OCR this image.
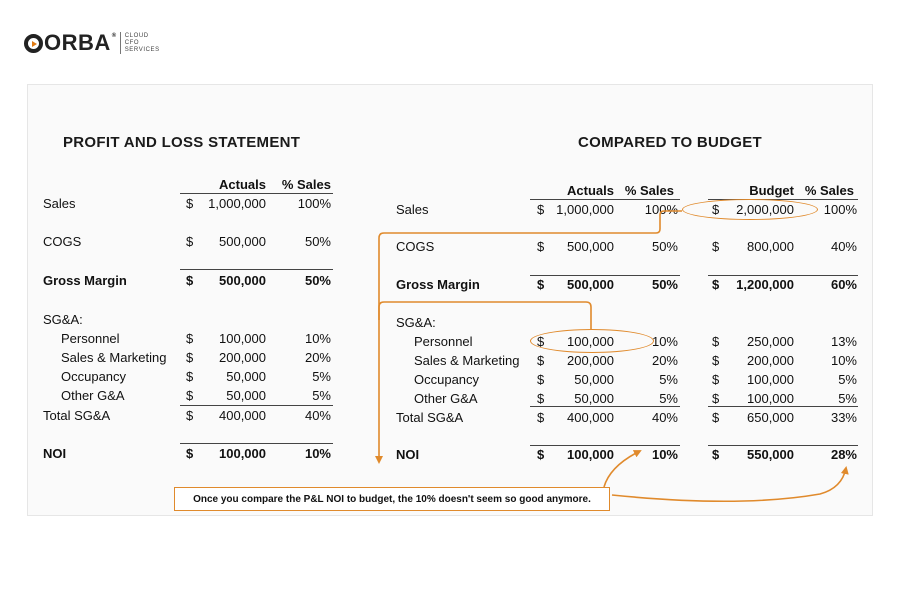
ORBA ® CLOUD
CFO
SERVICES
PROFIT AND LOSS STATEMENT	COMPARED TO BUDGET
Actuals	% Sales
Sales	$	1,000,000	100%
COGS	$	500,000	50%
Gross Margin	$	500,000	50%
SG&A:
Personnel	$	100,000	10%
Sales & Marketing $	200,000	20%
Occupancy	$	50,000	5%
Other G&A	$	50,000	5%
Total SG&A	$	400,000	40%
NOI	$	100,000	10%
Actuals % Sales	Budget % Sales
Sales	$ 1,000,000	100%	$	2,000,000	100%
COGS	$	500,000	50%	$	800,000	40%
Gross Margin	$	500,000	50%	$	1,200,000	60%
SG&A:
Personnel	$	100,000	10%	$	250,000	13%
Sales & Marketing $	200,000	20%	$	200,000	10%
Occupancy	$	50,000	5%	$	100,000	5%
Other G&A	$	50,000	5%	$	100,000	5%
Total SG&A	$	400,000	40%	$	650,000	33%
NOI	$	100,000	10%	$	550,000	28%
Once you compare the P&L NOI to budget, the 10% doesn't seem so good anymore.
